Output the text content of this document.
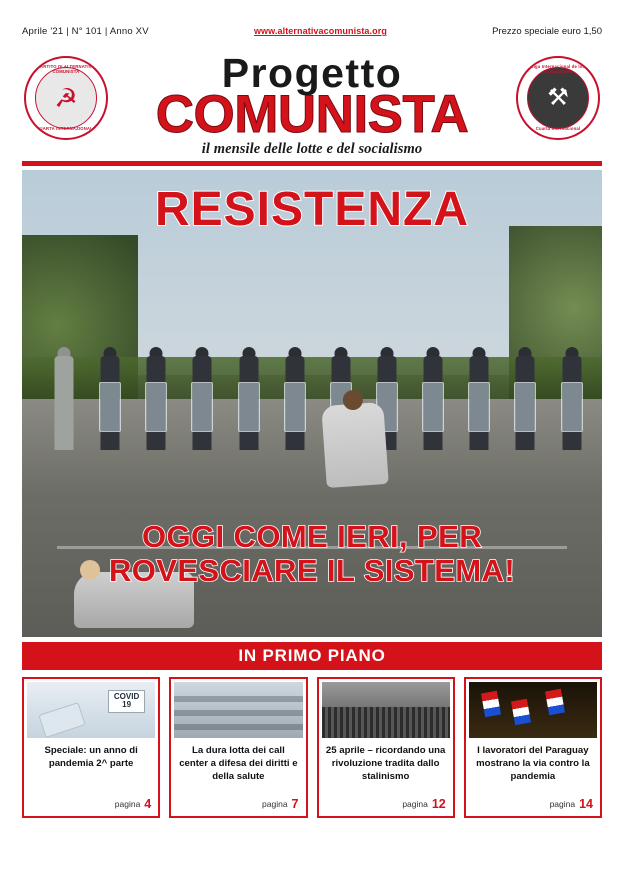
Aprile '21 | N° 101 | Anno XV	www.alternativacomunista.org	Prezzo speciale euro 1,50
PARTITO DI ALTERNATIVA COMUNISTA
☭
QUARTA INTERNAZIONALE
Progetto
COMUNISTA
il mensile delle lotte e del socialismo
Liga Internacional de los Trabajadores
⚒
Cuarta Internacional
RESISTENZA
OGGI COME IERI, PER
ROVESCIARE IL SISTEMA!
IN PRIMO PIANO
COVID
19
Speciale: un anno di pandemia 2^ parte
pagina 4
La dura lotta dei call center a difesa dei diritti e della salute
pagina 7
25 aprile – ricordando una rivoluzione tradita dallo stalinismo
pagina 12
I lavoratori del Paraguay mostrano la via contro la pandemia
pagina 14
